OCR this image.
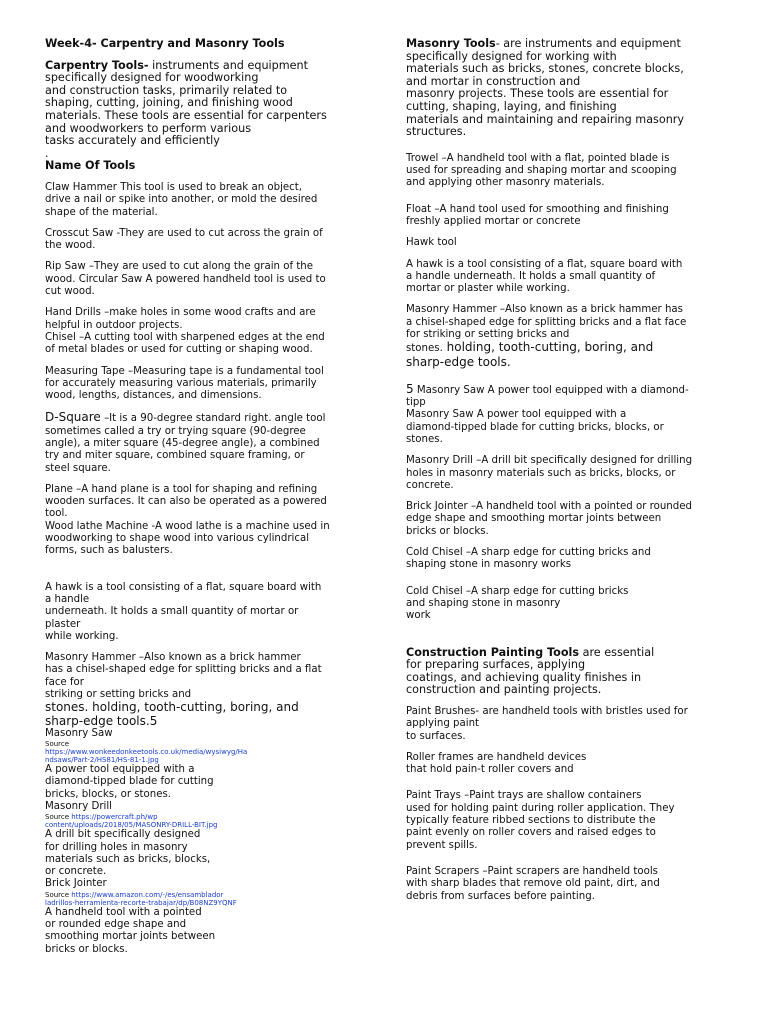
Week-4- Carpentry and Masonry Tools

Carpentry Tools- instruments and equipment
specifically designed for woodworking
and construction tasks, primarily related to
shaping, cutting, joining, and finishing wood
materials. These tools are essential for carpenters
and woodworkers to perform various
tasks accurately and efficiently
.

Name Of Tools

Claw Hammer This tool is used to break an object,
drive a nail or spike into another, or mold the desired
shape of the material.

Crosscut Saw -They are used to cut across the grain of
the wood.

Rip Saw –They are used to cut along the grain of the
wood. Circular Saw A powered handheld tool is used to
cut wood.

Hand Drills –make holes in some wood crafts and are
helpful in outdoor projects.

Chisel –A cutting tool with sharpened edges at the end
of metal blades or used for cutting or shaping wood.

Measuring Tape –Measuring tape is a fundamental tool
for accurately measuring various materials, primarily
wood, lengths, distances, and dimensions.

D-Square –It is a 90-degree standard right. angle tool
sometimes called a try or trying square (90-degree
angle), a miter square (45-degree angle), a combined
try and miter square, combined square framing, or
steel square.

Plane –A hand plane is a tool for shaping and refining
wooden surfaces. It can also be operated as a powered
tool.

Wood lathe Machine -A wood lathe is a machine used in
woodworking to shape wood into various cylindrical
forms, such as balusters.

A hawk is a tool consisting of a flat, square board with
a handle
underneath. It holds a small quantity of mortar or
plaster
while working.

Masonry Hammer –Also known as a brick hammer
has a chisel-shaped edge for splitting bricks and a flat
face for
striking or setting bricks and

stones. holding, tooth-cutting, boring, and
sharp-edge tools.5

Masonry Saw

Source
https://www.wonkeedonkeetools.co.uk/media/wysiwyg/Ha
ndsaws/Part-2/HS81/HS-81-1.jpg

A power tool equipped with a
diamond-tipped blade for cutting
bricks, blocks, or stones.

Masonry Drill

Source https://powercraft.ph/wp
content/uploads/2018/05/MASONRY-DRILL-BIT.jpg

A drill bit specifically designed
for drilling holes in masonry
materials such as bricks, blocks,
or concrete.

Brick Jointer

Source https://www.amazon.com/-/es/ensamblador
ladrillos-herramienta-recorte-trabajar/dp/B08NZ9YQNF

A handheld tool with a pointed
or rounded edge shape and
smoothing mortar joints between
bricks or blocks.

Masonry Tools- are instruments and equipment
specifically designed for working with
materials such as bricks, stones, concrete blocks,
and mortar in construction and
masonry projects. These tools are essential for
cutting, shaping, laying, and finishing
materials and maintaining and repairing masonry
structures.

Trowel –A handheld tool with a flat, pointed blade is
used for spreading and shaping mortar and scooping
and applying other masonry materials.

Float –A hand tool used for smoothing and finishing
freshly applied mortar or concrete

Hawk tool

A hawk is a tool consisting of a flat, square board with
a handle underneath. It holds a small quantity of
mortar or plaster while working.

Masonry Hammer –Also known as a brick hammer has
a chisel-shaped edge for splitting bricks and a flat face
for striking or setting bricks and
stones. holding, tooth-cutting, boring, and

sharp-edge tools.

5 Masonry Saw A power tool equipped with a diamond-
tipp
Masonry Saw A power tool equipped with a
diamond-tipped blade for cutting bricks, blocks, or
stones.

Masonry Drill –A drill bit specifically designed for drilling
holes in masonry materials such as bricks, blocks, or
concrete.

Brick Jointer –A handheld tool with a pointed or rounded
edge shape and smoothing mortar joints between
bricks or blocks.

Cold Chisel –A sharp edge for cutting bricks and
shaping stone in masonry works

Cold Chisel –A sharp edge for cutting bricks
and shaping stone in masonry
work

Construction Painting Tools are essential
for preparing surfaces, applying
coatings, and achieving quality finishes in
construction and painting projects.

Paint Brushes- are handheld tools with bristles used for
applying paint
to surfaces.

Roller frames are handheld devices
that hold pain-t roller covers and

Paint Trays –Paint trays are shallow containers
used for holding paint during roller application. They
typically feature ribbed sections to distribute the
paint evenly on roller covers and raised edges to
prevent spills.

Paint Scrapers –Paint scrapers are handheld tools
with sharp blades that remove old paint, dirt, and
debris from surfaces before painting.
